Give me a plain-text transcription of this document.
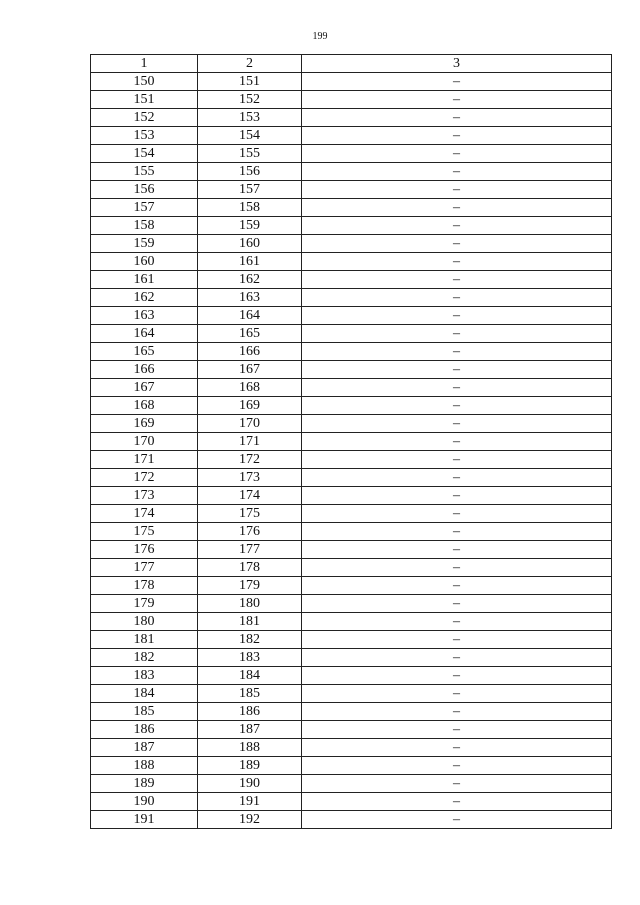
199
1	2	3
150	151	–
151	152	–
152	153	–
153	154	–
154	155	–
155	156	–
156	157	–
157	158	–
158	159	–
159	160	–
160	161	–
161	162	–
162	163	–
163	164	–
164	165	–
165	166	–
166	167	–
167	168	–
168	169	–
169	170	–
170	171	–
171	172	–
172	173	–
173	174	–
174	175	–
175	176	–
176	177	–
177	178	–
178	179	–
179	180	–
180	181	–
181	182	–
182	183	–
183	184	–
184	185	–
185	186	–
186	187	–
187	188	–
188	189	–
189	190	–
190	191	–
191	192	–
